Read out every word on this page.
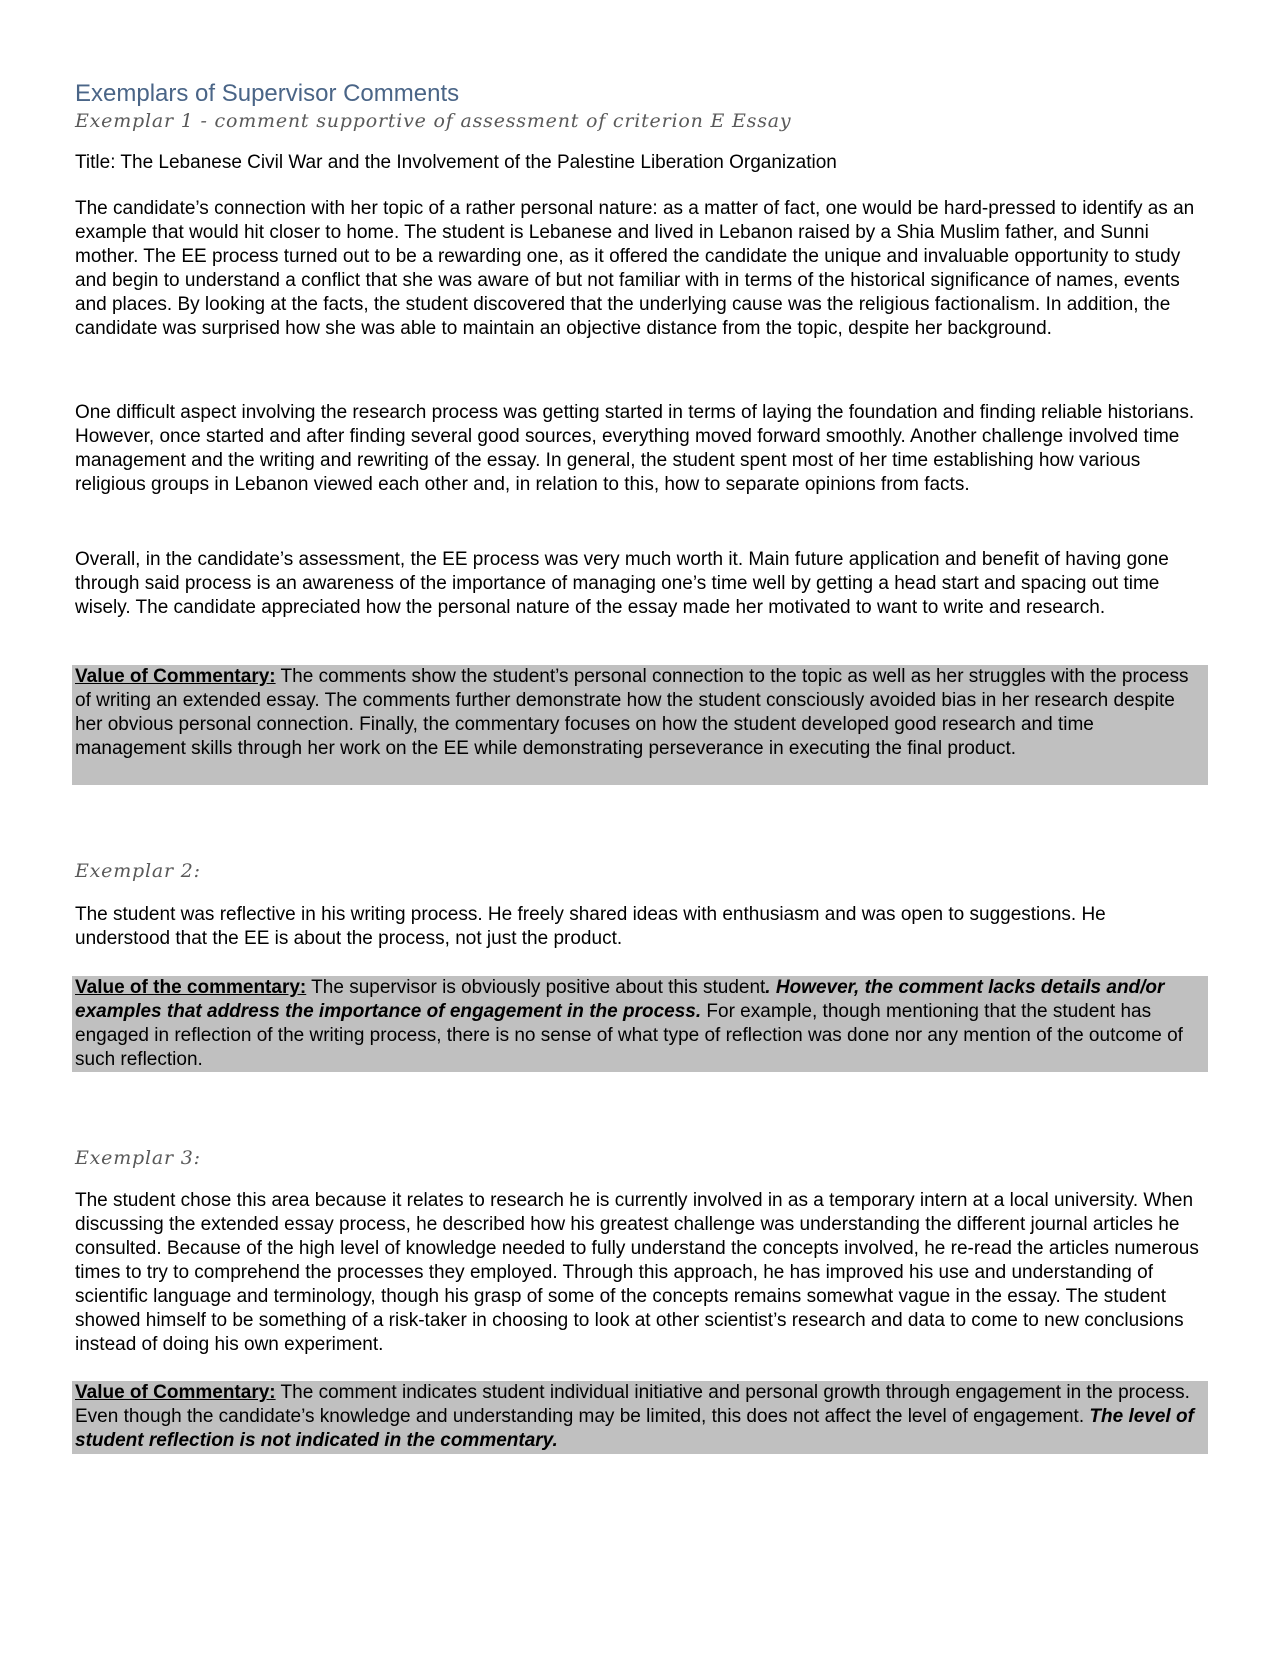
Exemplars of Supervisor Comments
Exemplar 1 - comment supportive of assessment of criterion E Essay

Title: The Lebanese Civil War and the Involvement of the Palestine Liberation Organization

The candidate’s connection with her topic of a rather personal nature: as a matter of fact, one would be hard-pressed to identify as an example that would hit closer to home. The student is Lebanese and lived in Lebanon raised by a Shia Muslim father, and Sunni mother. The EE process turned out to be a rewarding one, as it offered the candidate the unique and invaluable opportunity to study and begin to understand a conflict that she was aware of but not familiar with in terms of the historical significance of names, events and places. By looking at the facts, the student discovered that the underlying cause was the religious factionalism. In addition, the candidate was surprised how she was able to maintain an objective distance from the topic, despite her background.

One difficult aspect involving the research process was getting started in terms of laying the foundation and finding reliable historians. However, once started and after finding several good sources, everything moved forward smoothly. Another challenge involved time management and the writing and rewriting of the essay. In general, the student spent most of her time establishing how various religious groups in Lebanon viewed each other and, in relation to this, how to separate opinions from facts.

Overall, in the candidate’s assessment, the EE process was very much worth it. Main future application and benefit of having gone through said process is an awareness of the importance of managing one’s time well by getting a head start and spacing out time wisely. The candidate appreciated how the personal nature of the essay made her motivated to want to write and research.

Value of Commentary: The comments show the student’s personal connection to the topic as well as her struggles with the process of writing an extended essay. The comments further demonstrate how the student consciously avoided bias in her research despite her obvious personal connection. Finally, the commentary focuses on how the student developed good research and time management skills through her work on the EE while demonstrating perseverance in executing the final product.
Exemplar 2:

The student was reflective in his writing process. He freely shared ideas with enthusiasm and was open to suggestions. He understood that the EE is about the process, not just the product.

Value of the commentary: The supervisor is obviously positive about this student. However, the comment lacks details and/or examples that address the importance of engagement in the process. For example, though mentioning that the student has engaged in reflection of the writing process, there is no sense of what type of reflection was done nor any mention of the outcome of such reflection.
Exemplar 3:

The student chose this area because it relates to research he is currently involved in as a temporary intern at a local university. When discussing the extended essay process, he described how his greatest challenge was understanding the different journal articles he consulted. Because of the high level of knowledge needed to fully understand the concepts involved, he re-read the articles numerous times to try to comprehend the processes they employed. Through this approach, he has improved his use and understanding of scientific language and terminology, though his grasp of some of the concepts remains somewhat vague in the essay. The student showed himself to be something of a risk-taker in choosing to look at other scientist’s research and data to come to new conclusions instead of doing his own experiment.

Value of Commentary: The comment indicates student individual initiative and personal growth through engagement in the process. Even though the candidate’s knowledge and understanding may be limited, this does not affect the level of engagement. The level of student reflection is not indicated in the commentary.
